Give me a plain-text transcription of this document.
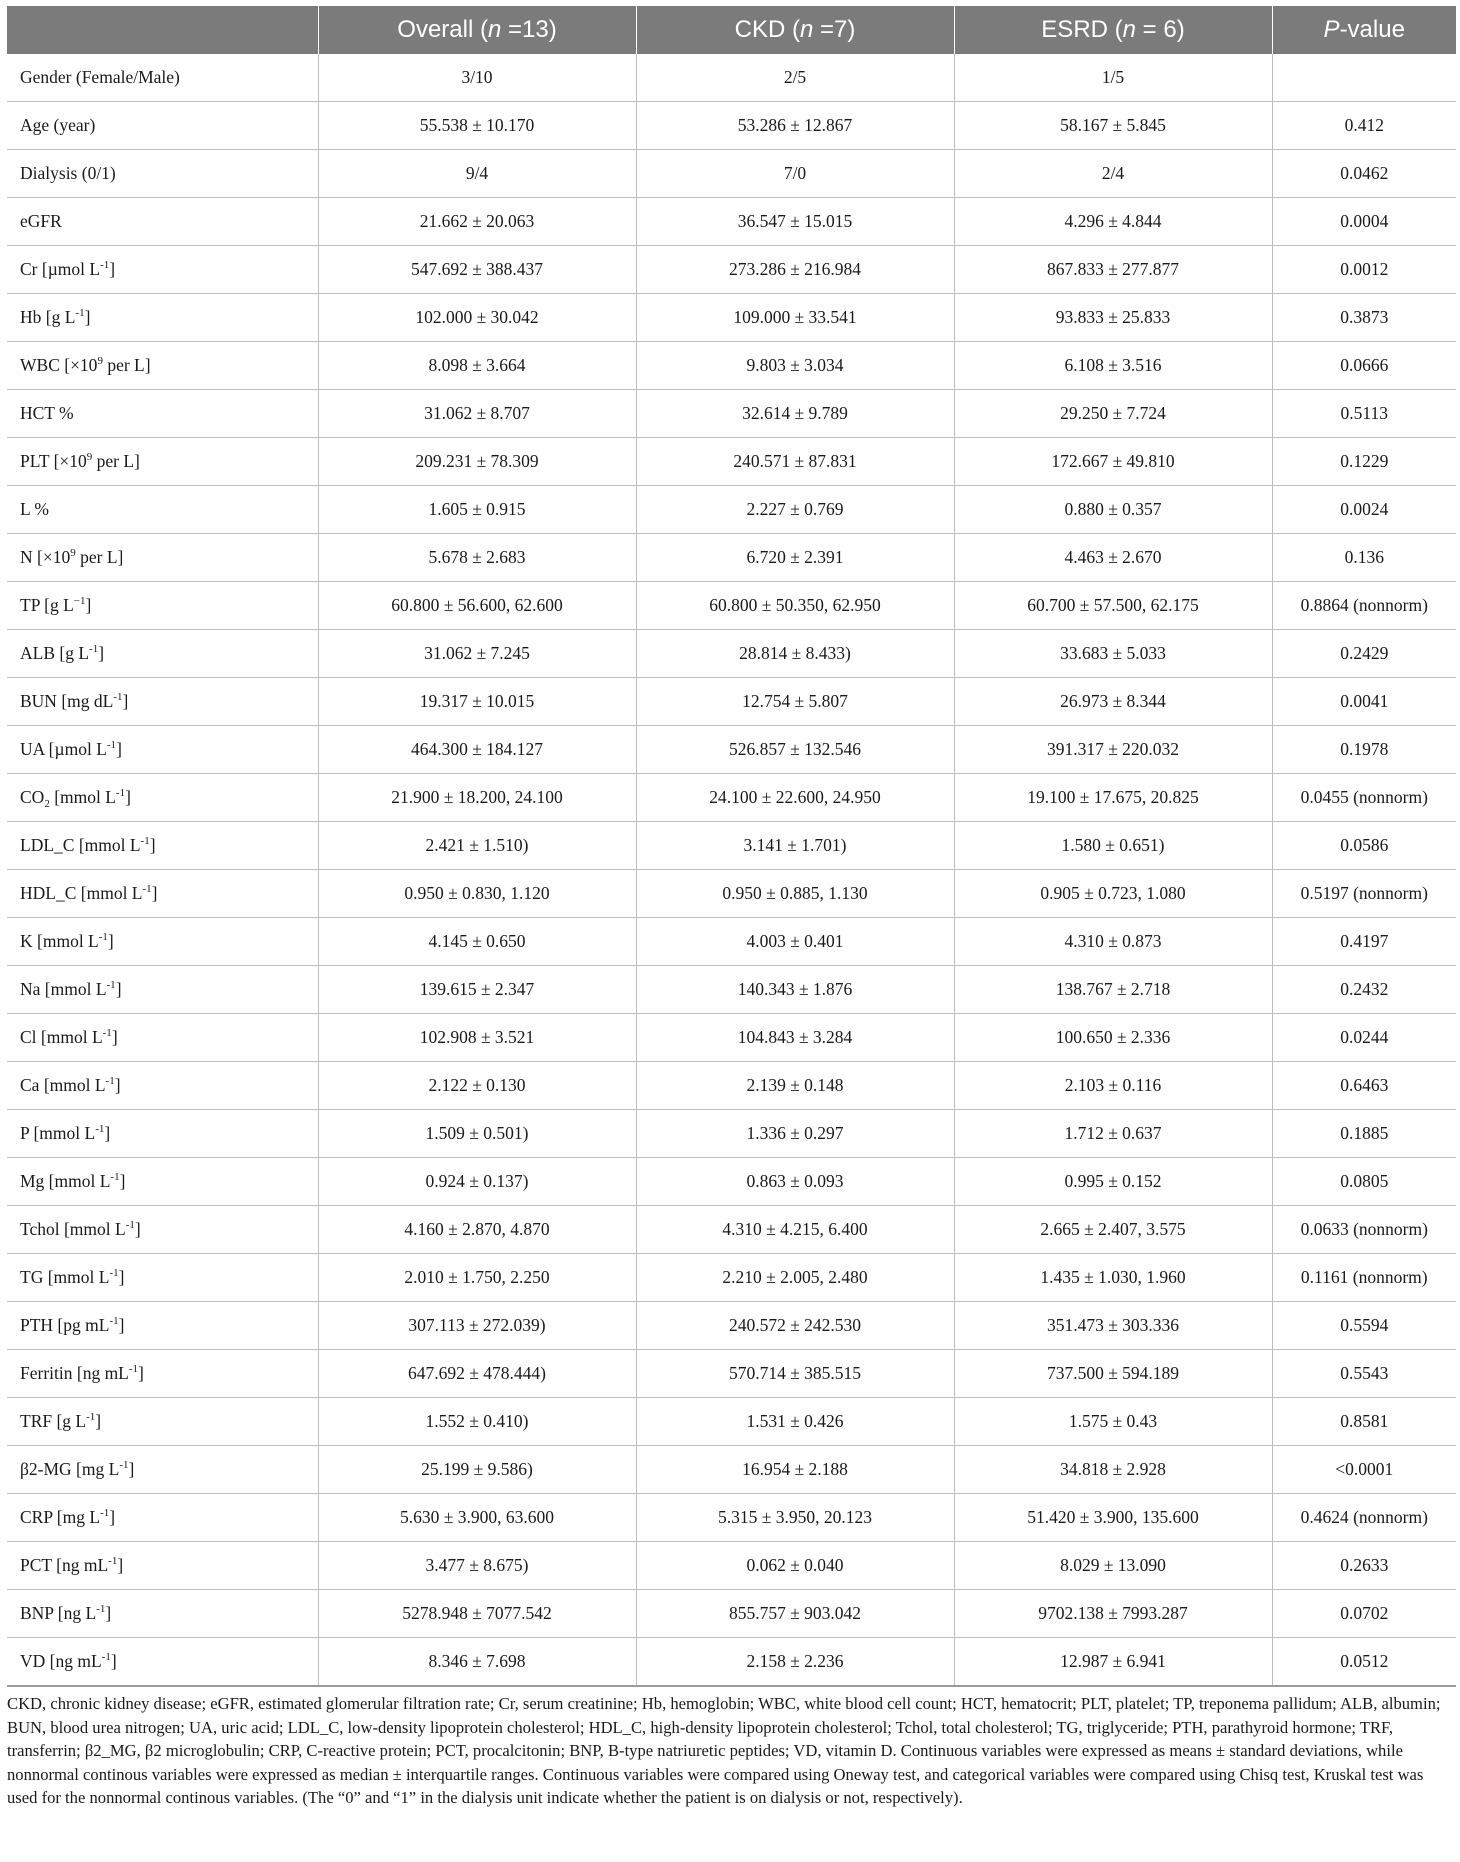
	Overall (n =13)	CKD (n =7)	ESRD (n = 6)	P-value
Gender (Female/Male)	3/10	2/5	1/5	
Age (year)	55.538 ± 10.170	53.286 ± 12.867	58.167 ± 5.845	0.412
Dialysis (0/1)	9/4	7/0	2/4	0.0462
eGFR	21.662 ± 20.063	36.547 ± 15.015	4.296 ± 4.844	0.0004
Cr [µmol $L^{-1}$]	547.692 ± 388.437	273.286 ± 216.984	867.833 ± 277.877	0.0012
Hb [g $L^{-1}$]	102.000 ± 30.042	109.000 ± 33.541	93.833 ± 25.833	0.3873
WBC [$\times 10^9$ per L]	8.098 ± 3.664	9.803 ± 3.034	6.108 ± 3.516	0.0666
HCT %	31.062 ± 8.707	32.614 ± 9.789	29.250 ± 7.724	0.5113
PLT [$\times 10^9$ per L]	209.231 ± 78.309	240.571 ± 87.831	172.667 ± 49.810	0.1229
L %	1.605 ± 0.915	2.227 ± 0.769	0.880 ± 0.357	0.0024
N [$\times 10^9$ per L]	5.678 ± 2.683	6.720 ± 2.391	4.463 ± 2.670	0.136
TP [g $L^{-1}$]	60.800 ± 56.600, 62.600	60.800 ± 50.350, 62.950	60.700 ± 57.500, 62.175	0.8864 (nonnorm)
ALB [g $L^{-1}$]	31.062 ± 7.245	28.814 ± 8.433)	33.683 ± 5.033	0.2429
BUN [mg $dL^{-1}$]	19.317 ± 10.015	12.754 ± 5.807	26.973 ± 8.344	0.0041
UA [µmol $L^{-1}$]	464.300 ± 184.127	526.857 ± 132.546	391.317 ± 220.032	0.1978
$CO_2$ [mmol $L^{-1}$]	21.900 ± 18.200, 24.100	24.100 ± 22.600, 24.950	19.100 ± 17.675, 20.825	0.0455 (nonnorm)
LDL_C [mmol $L^{-1}$]	2.421 ± 1.510)	3.141 ± 1.701)	1.580 ± 0.651)	0.0586
HDL_C [mmol $L^{-1}$]	0.950 ± 0.830, 1.120	0.950 ± 0.885, 1.130	0.905 ± 0.723, 1.080	0.5197 (nonnorm)
K [mmol $L^{-1}$]	4.145 ± 0.650	4.003 ± 0.401	4.310 ± 0.873	0.4197
Na [mmol $L^{-1}$]	139.615 ± 2.347	140.343 ± 1.876	138.767 ± 2.718	0.2432
Cl [mmol $L^{-1}$]	102.908 ± 3.521	104.843 ± 3.284	100.650 ± 2.336	0.0244
Ca [mmol $L^{-1}$]	2.122 ± 0.130	2.139 ± 0.148	2.103 ± 0.116	0.6463
P [mmol $L^{-1}$]	1.509 ± 0.501)	1.336 ± 0.297	1.712 ± 0.637	0.1885
Mg [mmol $L^{-1}$]	0.924 ± 0.137)	0.863 ± 0.093	0.995 ± 0.152	0.0805
Tchol [mmol $L^{-1}$]	4.160 ± 2.870, 4.870	4.310 ± 4.215, 6.400	2.665 ± 2.407, 3.575	0.0633 (nonnorm)
TG [mmol $L^{-1}$]	2.010 ± 1.750, 2.250	2.210 ± 2.005, 2.480	1.435 ± 1.030, 1.960	0.1161 (nonnorm)
PTH [pg $mL^{-1}$]	307.113 ± 272.039)	240.572 ± 242.530	351.473 ± 303.336	0.5594
Ferritin [ng $mL^{-1}$]	647.692 ± 478.444)	570.714 ± 385.515	737.500 ± 594.189	0.5543
TRF [g $L^{-1}$]	1.552 ± 0.410)	1.531 ± 0.426	1.575 ± 0.43	0.8581
β2-MG [mg $L^{-1}$]	25.199 ± 9.586)	16.954 ± 2.188	34.818 ± 2.928	<0.0001
CRP [mg $L^{-1}$]	5.630 ± 3.900, 63.600	5.315 ± 3.950, 20.123	51.420 ± 3.900, 135.600	0.4624 (nonnorm)
PCT [ng $mL^{-1}$]	3.477 ± 8.675)	0.062 ± 0.040	8.029 ± 13.090	0.2633
BNP [ng $L^{-1}$]	5278.948 ± 7077.542	855.757 ± 903.042	9702.138 ± 7993.287	0.0702
VD [ng $mL^{-1}$]	8.346 ± 7.698	2.158 ± 2.236	12.987 ± 6.941	0.0512
CKD, chronic kidney disease; eGFR, estimated glomerular filtration rate; Cr, serum creatinine; Hb, hemoglobin; WBC, white blood cell count; HCT, hematocrit; PLT, platelet; TP, treponema pallidum; ALB, albumin; BUN, blood urea nitrogen; UA, uric acid; LDL_C, low-density lipoprotein cholesterol; HDL_C, high-density lipoprotein cholesterol; Tchol, total cholesterol; TG, triglyceride; PTH, parathyroid hormone; TRF, transferrin; β2_MG, β2 microglobulin; CRP, C-reactive protein; PCT, procalcitonin; BNP, B-type natriuretic peptides; VD, vitamin D. Continuous variables were expressed as means ± standard deviations, while nonnormal continous variables were expressed as median ± interquartile ranges. Continuous variables were compared using Oneway test, and categorical variables were compared using Chisq test, Kruskal test was used for the nonnormal continous variables. (The “0” and “1” in the dialysis unit indicate whether the patient is on dialysis or not, respectively).
